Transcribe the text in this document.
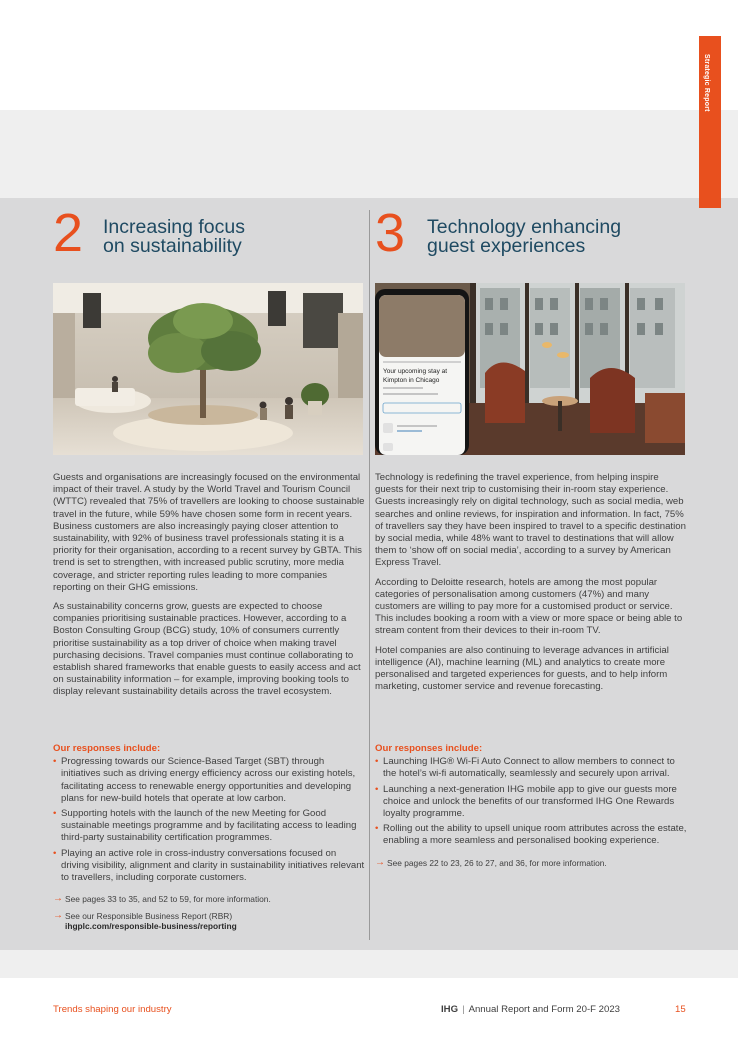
Strategic Report
2 Increasing focus
on sustainability

Guests and organisations are increasingly focused on the environmental impact of their travel. A study by the World Travel and Tourism Council (WTTC) revealed that 75% of travellers are looking to choose sustainable travel in the future, while 59% have chosen some form in recent years. Business customers are also increasingly paying closer attention to sustainability, with 92% of business travel professionals stating it is a priority for their organisation, according to a recent survey by GBTA. This trend is set to strengthen, with increased public scrutiny, more media coverage, and stricter reporting rules leading to more companies reporting on their GHG emissions.

As sustainability concerns grow, guests are expected to choose companies prioritising sustainable practices. However, according to a Boston Consulting Group (BCG) study, 10% of consumers currently prioritise sustainability as a top driver of choice when making travel purchasing decisions. Travel companies must continue collaborating to establish shared frameworks that enable guests to easily access and act on sustainability information – for example, improving booking tools to display relevant sustainability details across the travel ecosystem.

Our responses include:
• Progressing towards our Science-Based Target (SBT) through initiatives such as driving energy efficiency across our existing hotels, facilitating access to renewable energy opportunities and developing plans for new-build hotels that operate at low carbon.
• Supporting hotels with the launch of the new Meeting for Good sustainable meetings programme and by facilitating access to leading third-party sustainability certification programmes.
• Playing an active role in cross-industry conversations focused on driving visibility, alignment and clarity in sustainability initiatives relevant to travellers, including corporate customers.
→ See pages 33 to 35, and 52 to 59, for more information.
→ See our Responsible Business Report (RBR)
ihgplc.com/responsible-business/reporting
3 Technology enhancing
guest experiences
Your upcoming stay at
Kimpton in Chicago

Technology is redefining the travel experience, from helping inspire guests for their next trip to customising their in-room stay experience. Guests increasingly rely on digital technology, such as social media, web searches and online reviews, for inspiration and information. In fact, 75% of travellers say they have been inspired to travel to a specific destination by social media, while 48% want to travel to destinations that will allow them to ‘show off on social media’, according to a survey by American Express Travel.

According to Deloitte research, hotels are among the most popular categories of personalisation among customers (47%) and many customers are willing to pay more for a customised product or service. This includes booking a room with a view or more space or being able to stream content from their devices to their in-room TV.

Hotel companies are also continuing to leverage advances in artificial intelligence (AI), machine learning (ML) and analytics to create more personalised and targeted experiences for guests, and to help inform marketing, customer service and revenue forecasting.

Our responses include:
• Launching IHG® Wi-Fi Auto Connect to allow members to connect to the hotel’s wi-fi automatically, seamlessly and securely upon arrival.
• Launching a next-generation IHG mobile app to give our guests more choice and unlock the benefits of our transformed IHG One Rewards loyalty programme.
• Rolling out the ability to upsell unique room attributes across the estate, enabling a more seamless and personalised booking experience.
→ See pages 22 to 23, 26 to 27, and 36, for more information.
Trends shaping our industry	IHG | Annual Report and Form 20-F 2023	15
